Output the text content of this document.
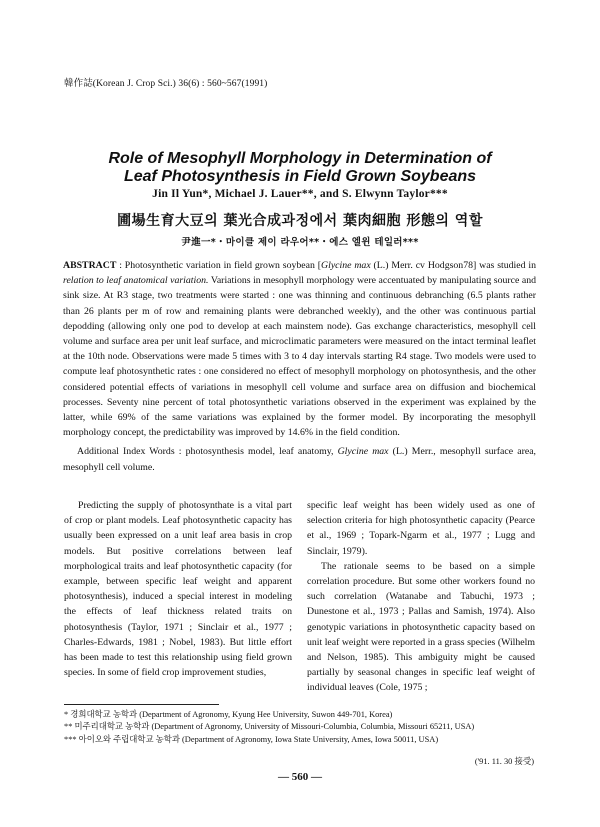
韓作誌(Korean J. Crop Sci.) 36(6) : 560~567(1991)
Role of Mesophyll Morphology in Determination of
Leaf Photosynthesis in Field Grown Soybeans
Jin Il Yun*, Michael J. Lauer**, and S. Elwynn Taylor***
圃場生育大豆의 葉光合成과정에서 葉肉細胞 形態의 역할
尹進一*・마이클 제이 라우어**・에스 엘윈 테일러***

ABSTRACT : Photosynthetic variation in field grown soybean [Glycine max (L.) Merr. cv Hodgson78] was studied in relation to leaf anatomical variation. Variations in mesophyll morphology were accentuated by manipulating source and sink size. At R3 stage, two treatments were started : one was thinning and continuous debranching (6.5 plants rather than 26 plants per m of row and remaining plants were debranched weekly), and the other was continuous partial depodding (allowing only one pod to develop at each mainstem node). Gas exchange characteristics, mesophyll cell volume and surface area per unit leaf surface, and microclimatic parameters were measured on the intact terminal leaflet at the 10th node. Observations were made 5 times with 3 to 4 day intervals starting R4 stage. Two models were used to compute leaf photosynthetic rates : one considered no effect of mesophyll morphology on photosynthesis, and the other considered potential effects of variations in mesophyll cell volume and surface area on diffusion and biochemical processes. Seventy nine percent of total photosynthetic variations observed in the experiment was explained by the latter, while 69% of the same variations was explained by the former model. By incorporating the mesophyll morphology concept, the predictability was improved by 14.6% in the field condition.

Additional Index Words : photosynthesis model, leaf anatomy, Glycine max (L.) Merr., mesophyll surface area, mesophyll cell volume.

Predicting the supply of photosynthate is a vital part of crop or plant models. Leaf photosynthetic capacity has usually been expressed on a unit leaf area basis in crop models. But positive correlations between leaf morphological traits and leaf photosynthetic capacity (for example, between specific leaf weight and apparent photosynthesis), induced a special interest in modeling the effects of leaf thickness related traits on photosynthesis (Taylor, 1971 ; Sinclair et al., 1977 ; Charles-Edwards, 1981 ; Nobel, 1983). But little effort has been made to test this relationship using field grown species. In some of field crop improvement studies,

specific leaf weight has been widely used as one of selection criteria for high photosynthetic capacity (Pearce et al., 1969 ; Topark-Ngarm et al., 1977 ; Lugg and Sinclair, 1979).

The rationale seems to be based on a simple correlation procedure. But some other workers found no such correlation (Watanabe and Tabuchi, 1973 ; Dunestone et al., 1973 ; Pallas and Samish, 1974). Also genotypic variations in photosynthetic capacity based on unit leaf weight were reported in a grass species (Wilhelm and Nelson, 1985). This ambiguity might be caused partially by seasonal changes in specific leaf weight of individual leaves (Cole, 1975 ;

* 경희대학교 농학과 (Department of Agronomy, Kyung Hee University, Suwon 449-701, Korea)

** 미주리대학교 농학과 (Department of Agronomy, University of Missouri-Columbia, Columbia, Missouri 65211, USA)

*** 아이오와 주립대학교 농학과 (Department of Agronomy, Iowa State University, Ames, Iowa 50011, USA)

('91. 11. 30 接受)
— 560 —
